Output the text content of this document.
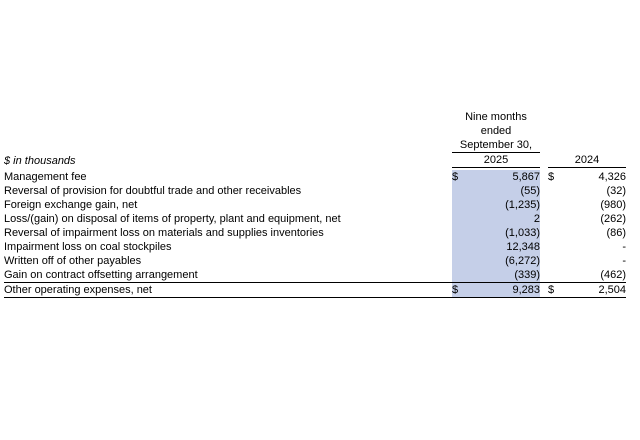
	Nine months ended				
	September 30,				
$ in thousands	2025			2024	

Management fee	$	5,867		$	4,326
Reversal of provision for doubtful trade and other receivables		(55)			(32)
Foreign exchange gain, net		(1,235)			(980)
Loss/(gain) on disposal of items of property, plant and equipment, net		2			(262)
Reversal of impairment loss on materials and supplies inventories		(1,033)			(86)
Impairment loss on coal stockpiles		12,348			-
Written off of other payables		(6,272)			-
Gain on contract offsetting arrangement		(339)			(462)
Other operating expenses, net	$	9,283		$	2,504
